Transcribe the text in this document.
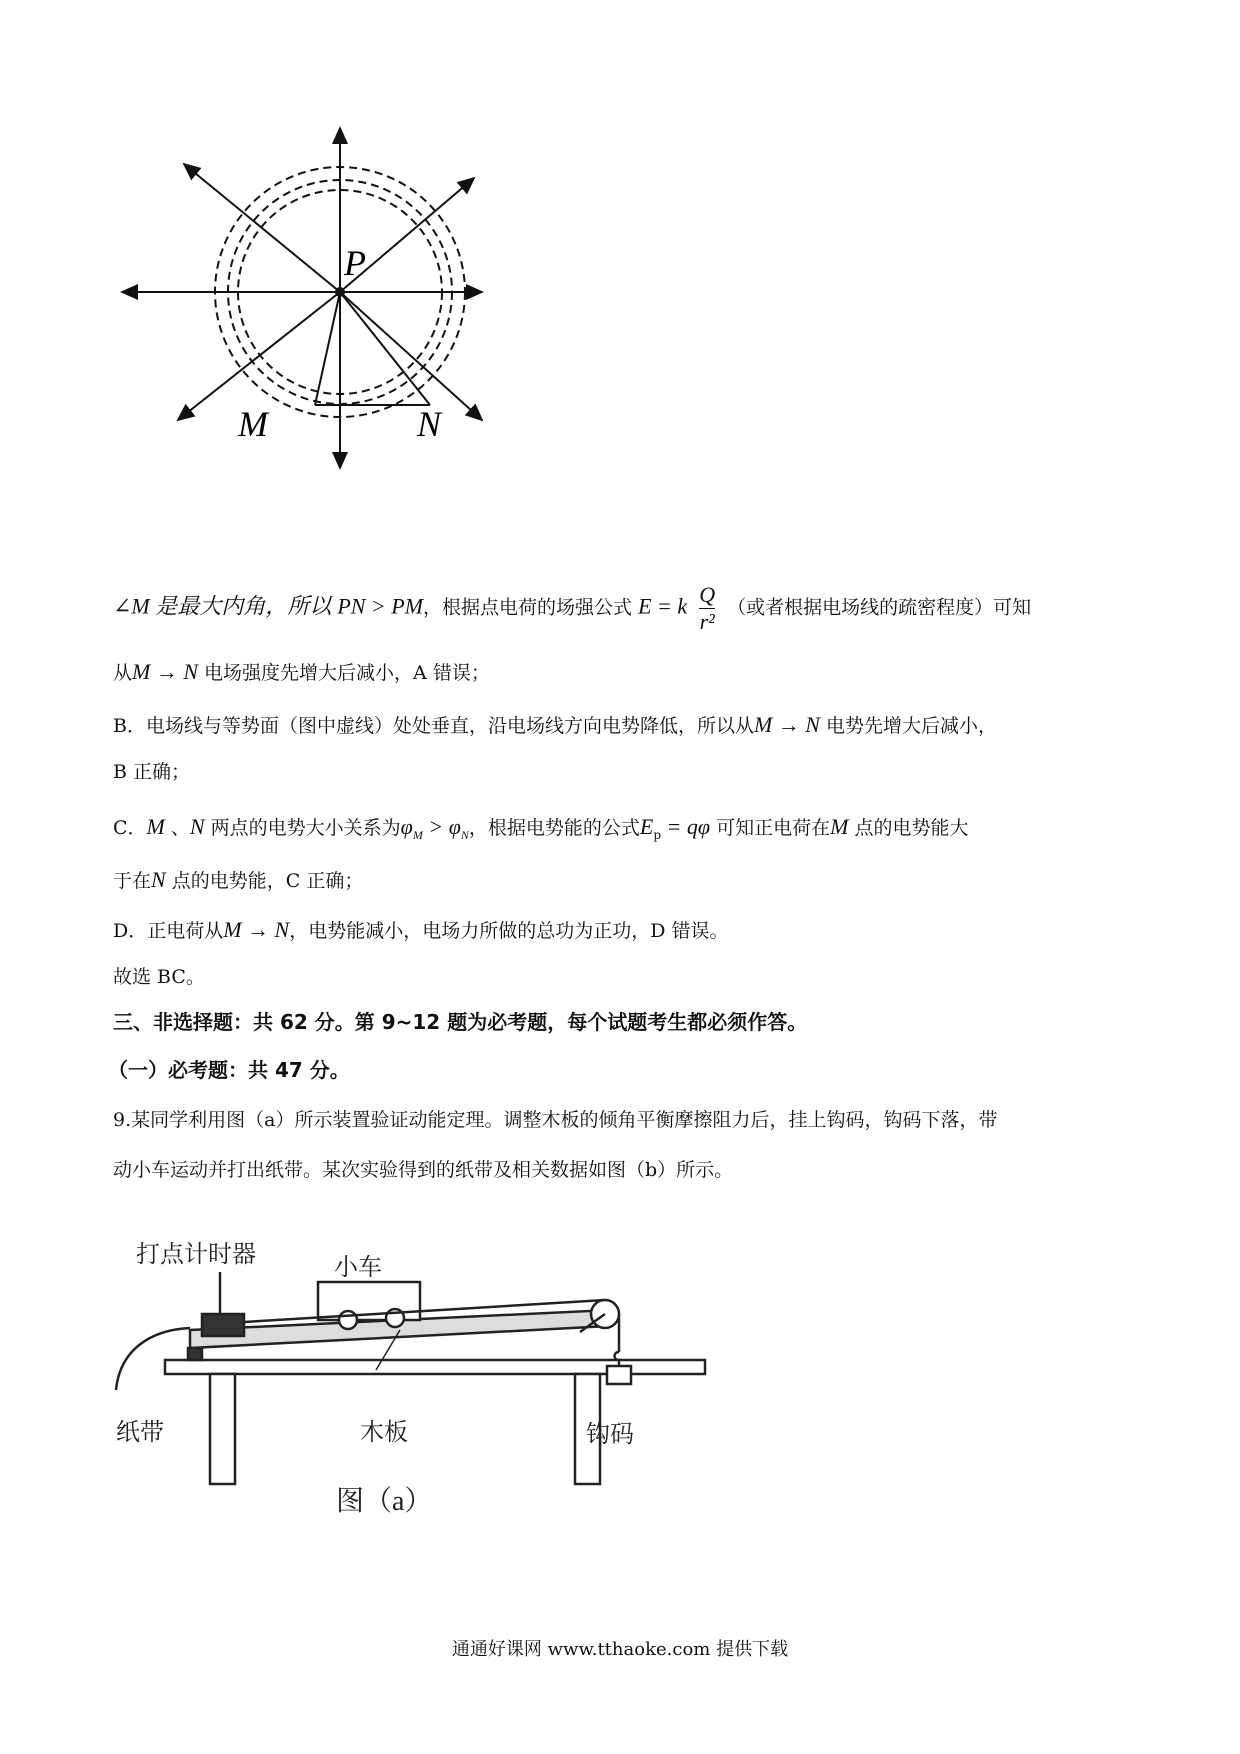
P
M	N
∠M 是最大内角，所以 PN > PM，根据点电荷的场强公式 E = k $\frac{Q}{\text{r²}}$ （或者根据电场线的疏密程度）可知
从M → N 电场强度先增大后减小，A 错误；
B．电场线与等势面（图中虚线）处处垂直，沿电场线方向电势降低，所以从M → N 电势先增大后减小，
B 正确；
C．M 、N 两点的电势大小关系为$\varphi_M > \varphi_N$，根据电势能的公式$E_p = q\varphi$ 可知正电荷在M 点的电势能大
于在N 点的电势能，C 正确；
D．正电荷从M → N，电势能减小，电场力所做的总功为正功，D 错误。
故选 BC。
三、非选择题：共 62 分。第 9~12 题为必考题，每个试题考生都必须作答。
（一）必考题：共 47 分。
9.某同学利用图（a）所示装置验证动能定理。调整木板的倾角平衡摩擦阻力后，挂上钩码，钩码下落，带
动小车运动并打出纸带。某次实验得到的纸带及相关数据如图（b）所示。
打点计时器	小车
纸带	木板	钩码
图（a）
通通好课网 www.tthaoke.com 提供下载
